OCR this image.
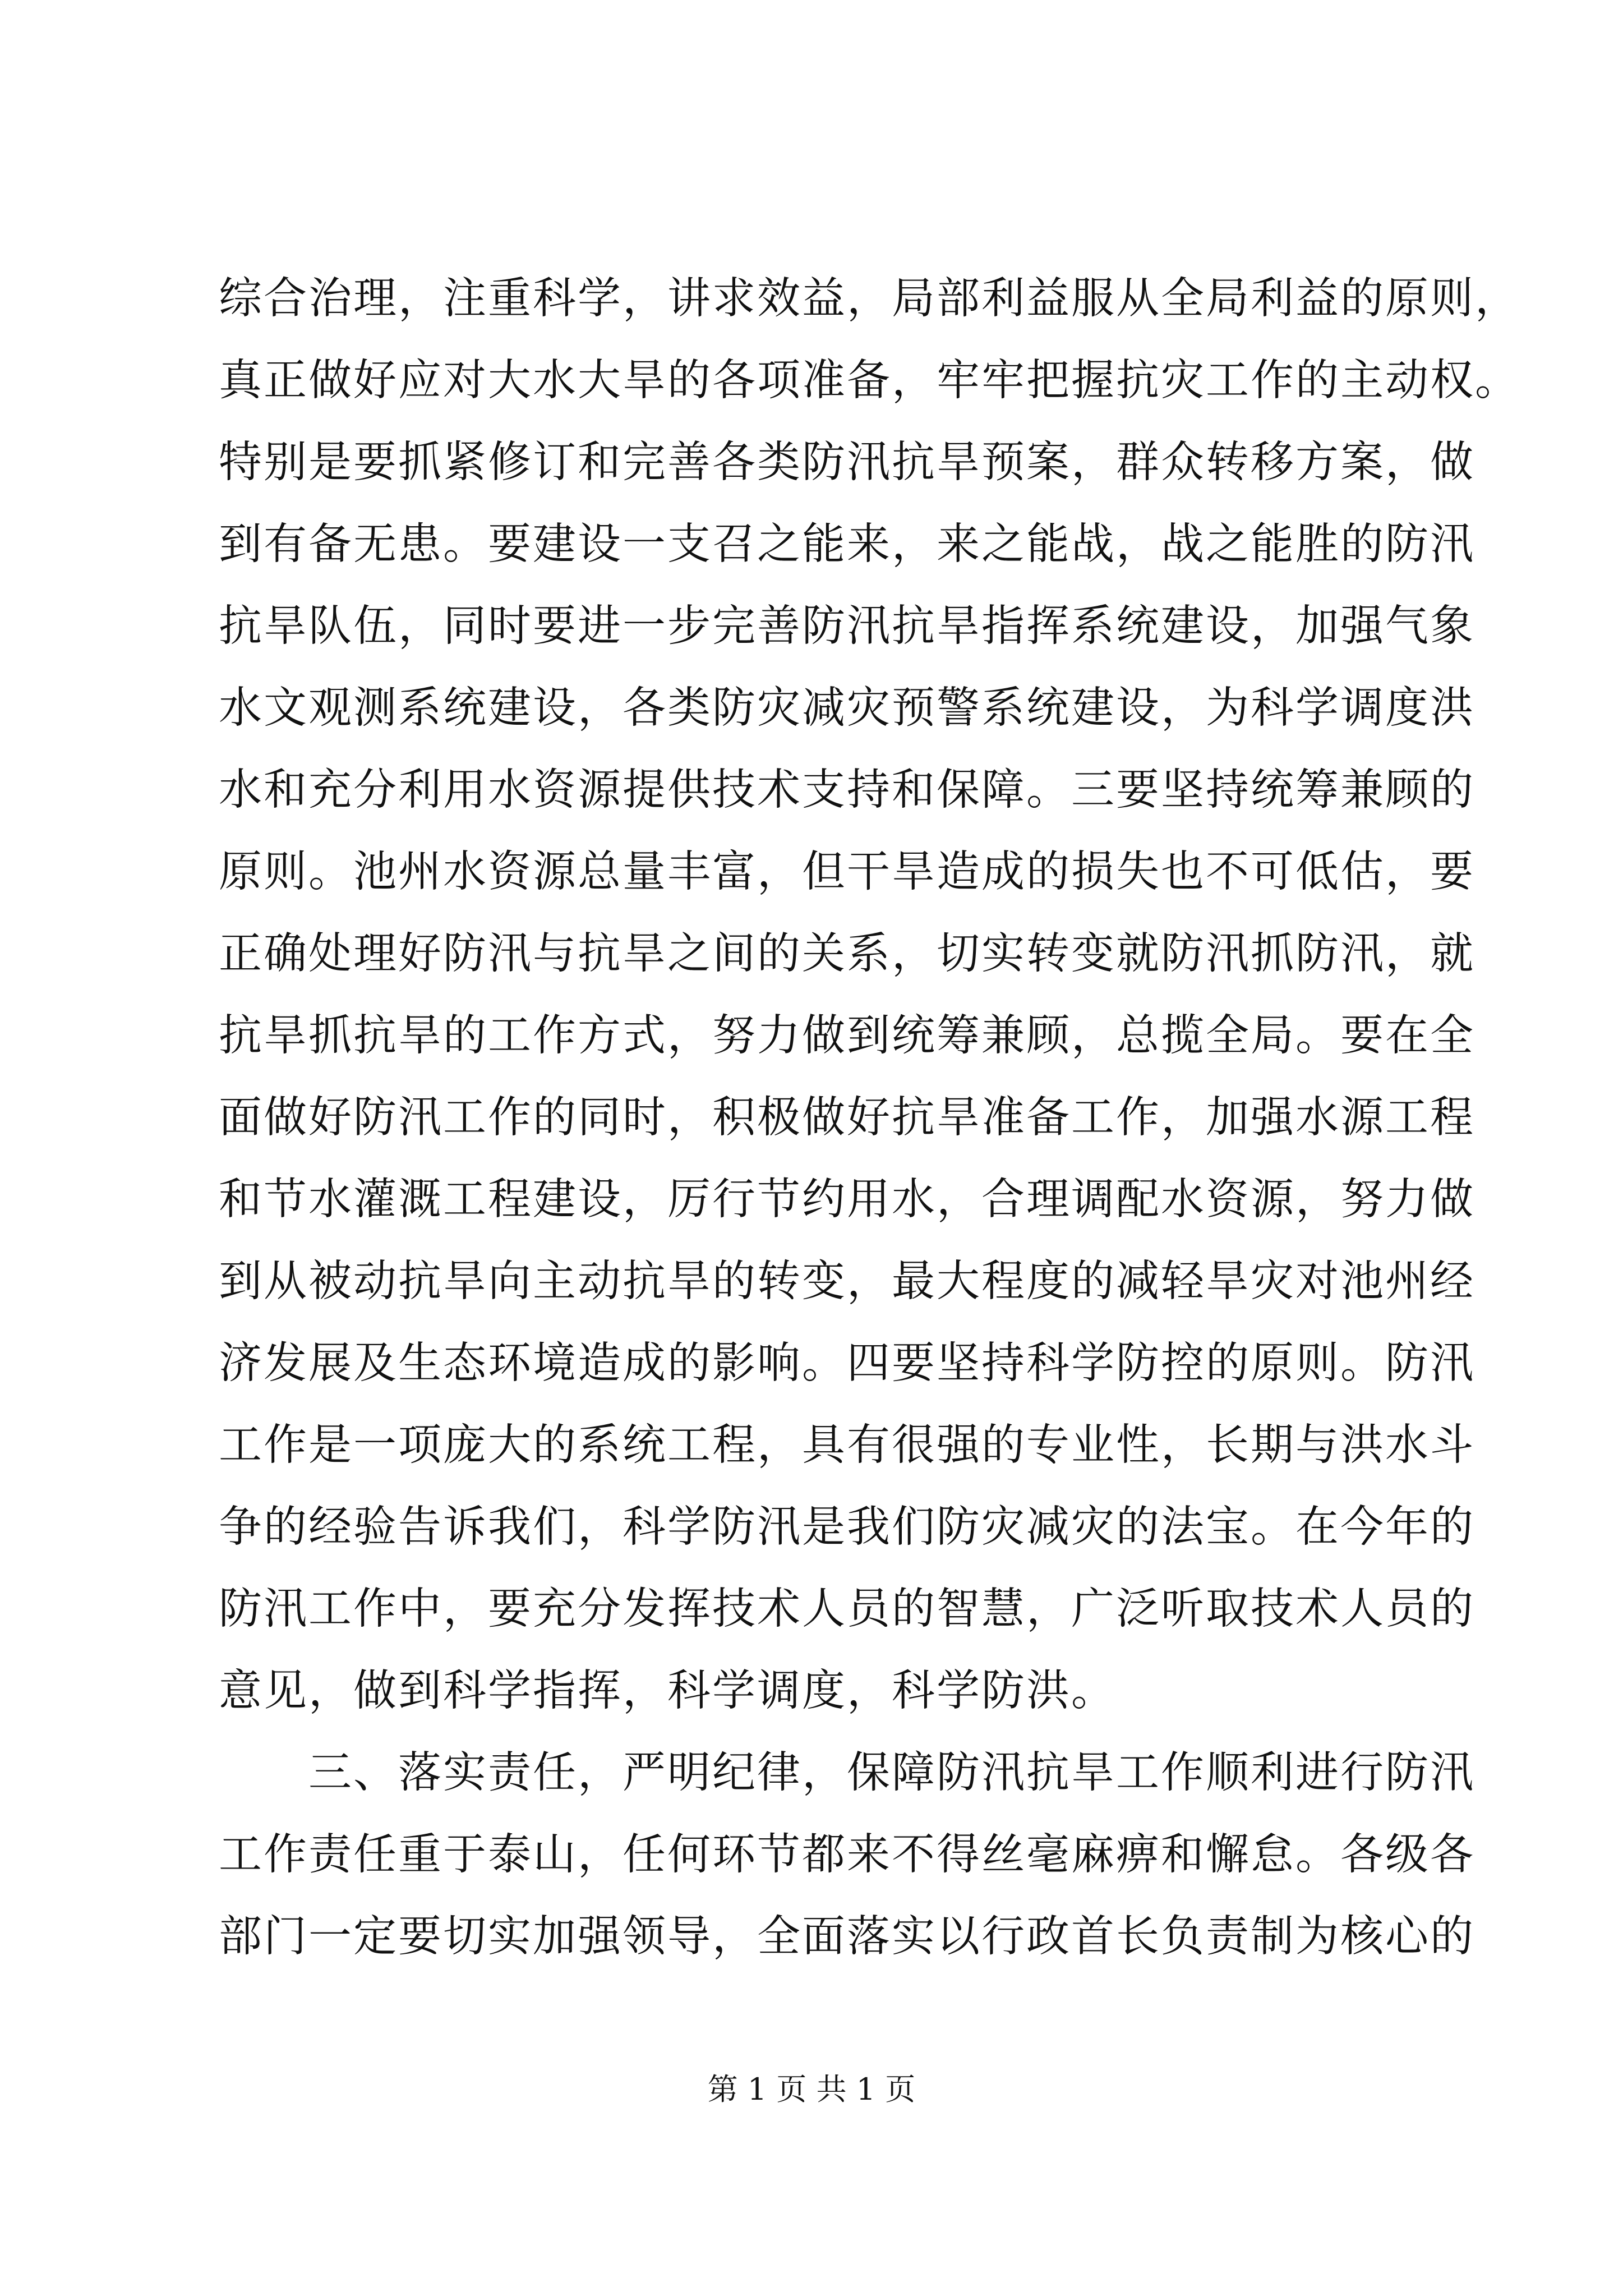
综合治理，注重科学，讲求效益，局部利益服从全局利益的原则，
真正做好应对大水大旱的各项准备，牢牢把握抗灾工作的主动权。
特别是要抓紧修订和完善各类防汛抗旱预案，群众转移方案，做
到有备无患。要建设一支召之能来，来之能战，战之能胜的防汛
抗旱队伍，同时要进一步完善防汛抗旱指挥系统建设，加强气象
水文观测系统建设，各类防灾减灾预警系统建设，为科学调度洪
水和充分利用水资源提供技术支持和保障。三要坚持统筹兼顾的
原则。池州水资源总量丰富，但干旱造成的损失也不可低估，要
正确处理好防汛与抗旱之间的关系，切实转变就防汛抓防汛，就
抗旱抓抗旱的工作方式，努力做到统筹兼顾，总揽全局。要在全
面做好防汛工作的同时，积极做好抗旱准备工作，加强水源工程
和节水灌溉工程建设，厉行节约用水，合理调配水资源，努力做
到从被动抗旱向主动抗旱的转变，最大程度的减轻旱灾对池州经
济发展及生态环境造成的影响。四要坚持科学防控的原则。防汛
工作是一项庞大的系统工程，具有很强的专业性，长期与洪水斗
争的经验告诉我们，科学防汛是我们防灾减灾的法宝。在今年的
防汛工作中，要充分发挥技术人员的智慧，广泛听取技术人员的
意见，做到科学指挥，科学调度，科学防洪。
三、落实责任，严明纪律，保障防汛抗旱工作顺利进行防汛
工作责任重于泰山，任何环节都来不得丝毫麻痹和懈怠。各级各
部门一定要切实加强领导，全面落实以行政首长负责制为核心的
第 1 页 共 1 页
